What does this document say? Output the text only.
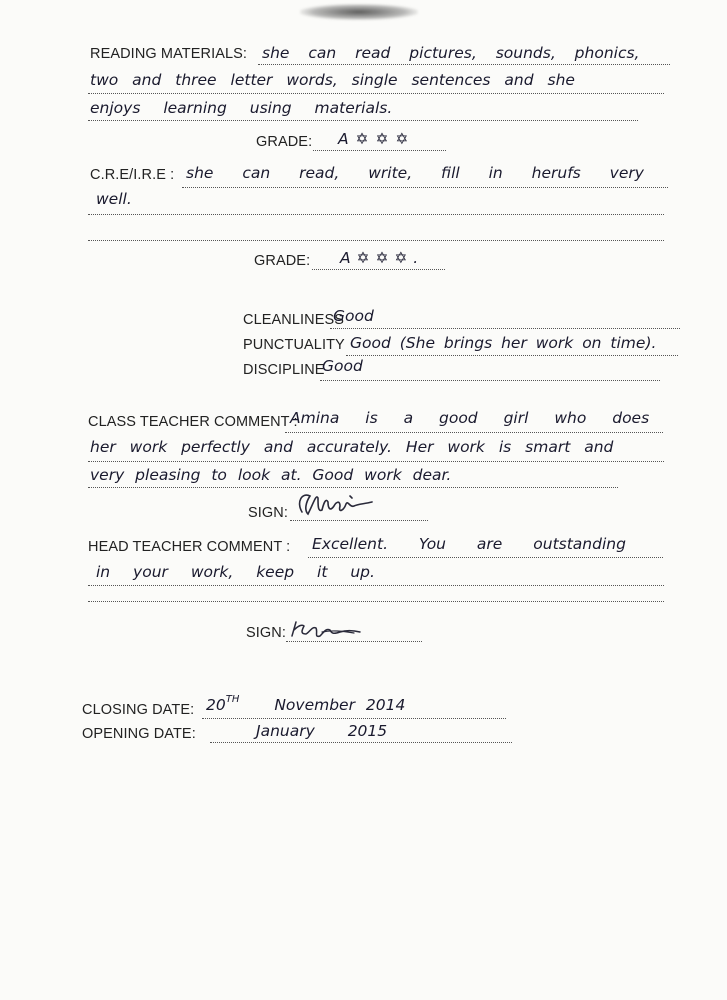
READING MATERIALS: she can read pictures, sounds, phonics,
two and three letter words, single sentences and she
enjoys learning using materials.
GRADE: A ✡ ✡ ✡
C.R.E/I.R.E : she can read, write, fill in herufs very
well.
GRADE: A ✡ ✡ ✡ .
CLEANLINESS
Good
PUNCTUALITY Good (She brings her work on time).
DISCIPLINE
Good
CLASS TEACHER COMMENT :
Amina is a good girl who does
her work perfectly and accurately. Her work is smart and
very pleasing to look at. Good work dear.
SIGN:
HEAD TEACHER COMMENT : Excellent. You are outstanding
in your work, keep it up.
SIGN:
CLOSING DATE: 20TH November 2014
OPENING DATE:	January 2015
